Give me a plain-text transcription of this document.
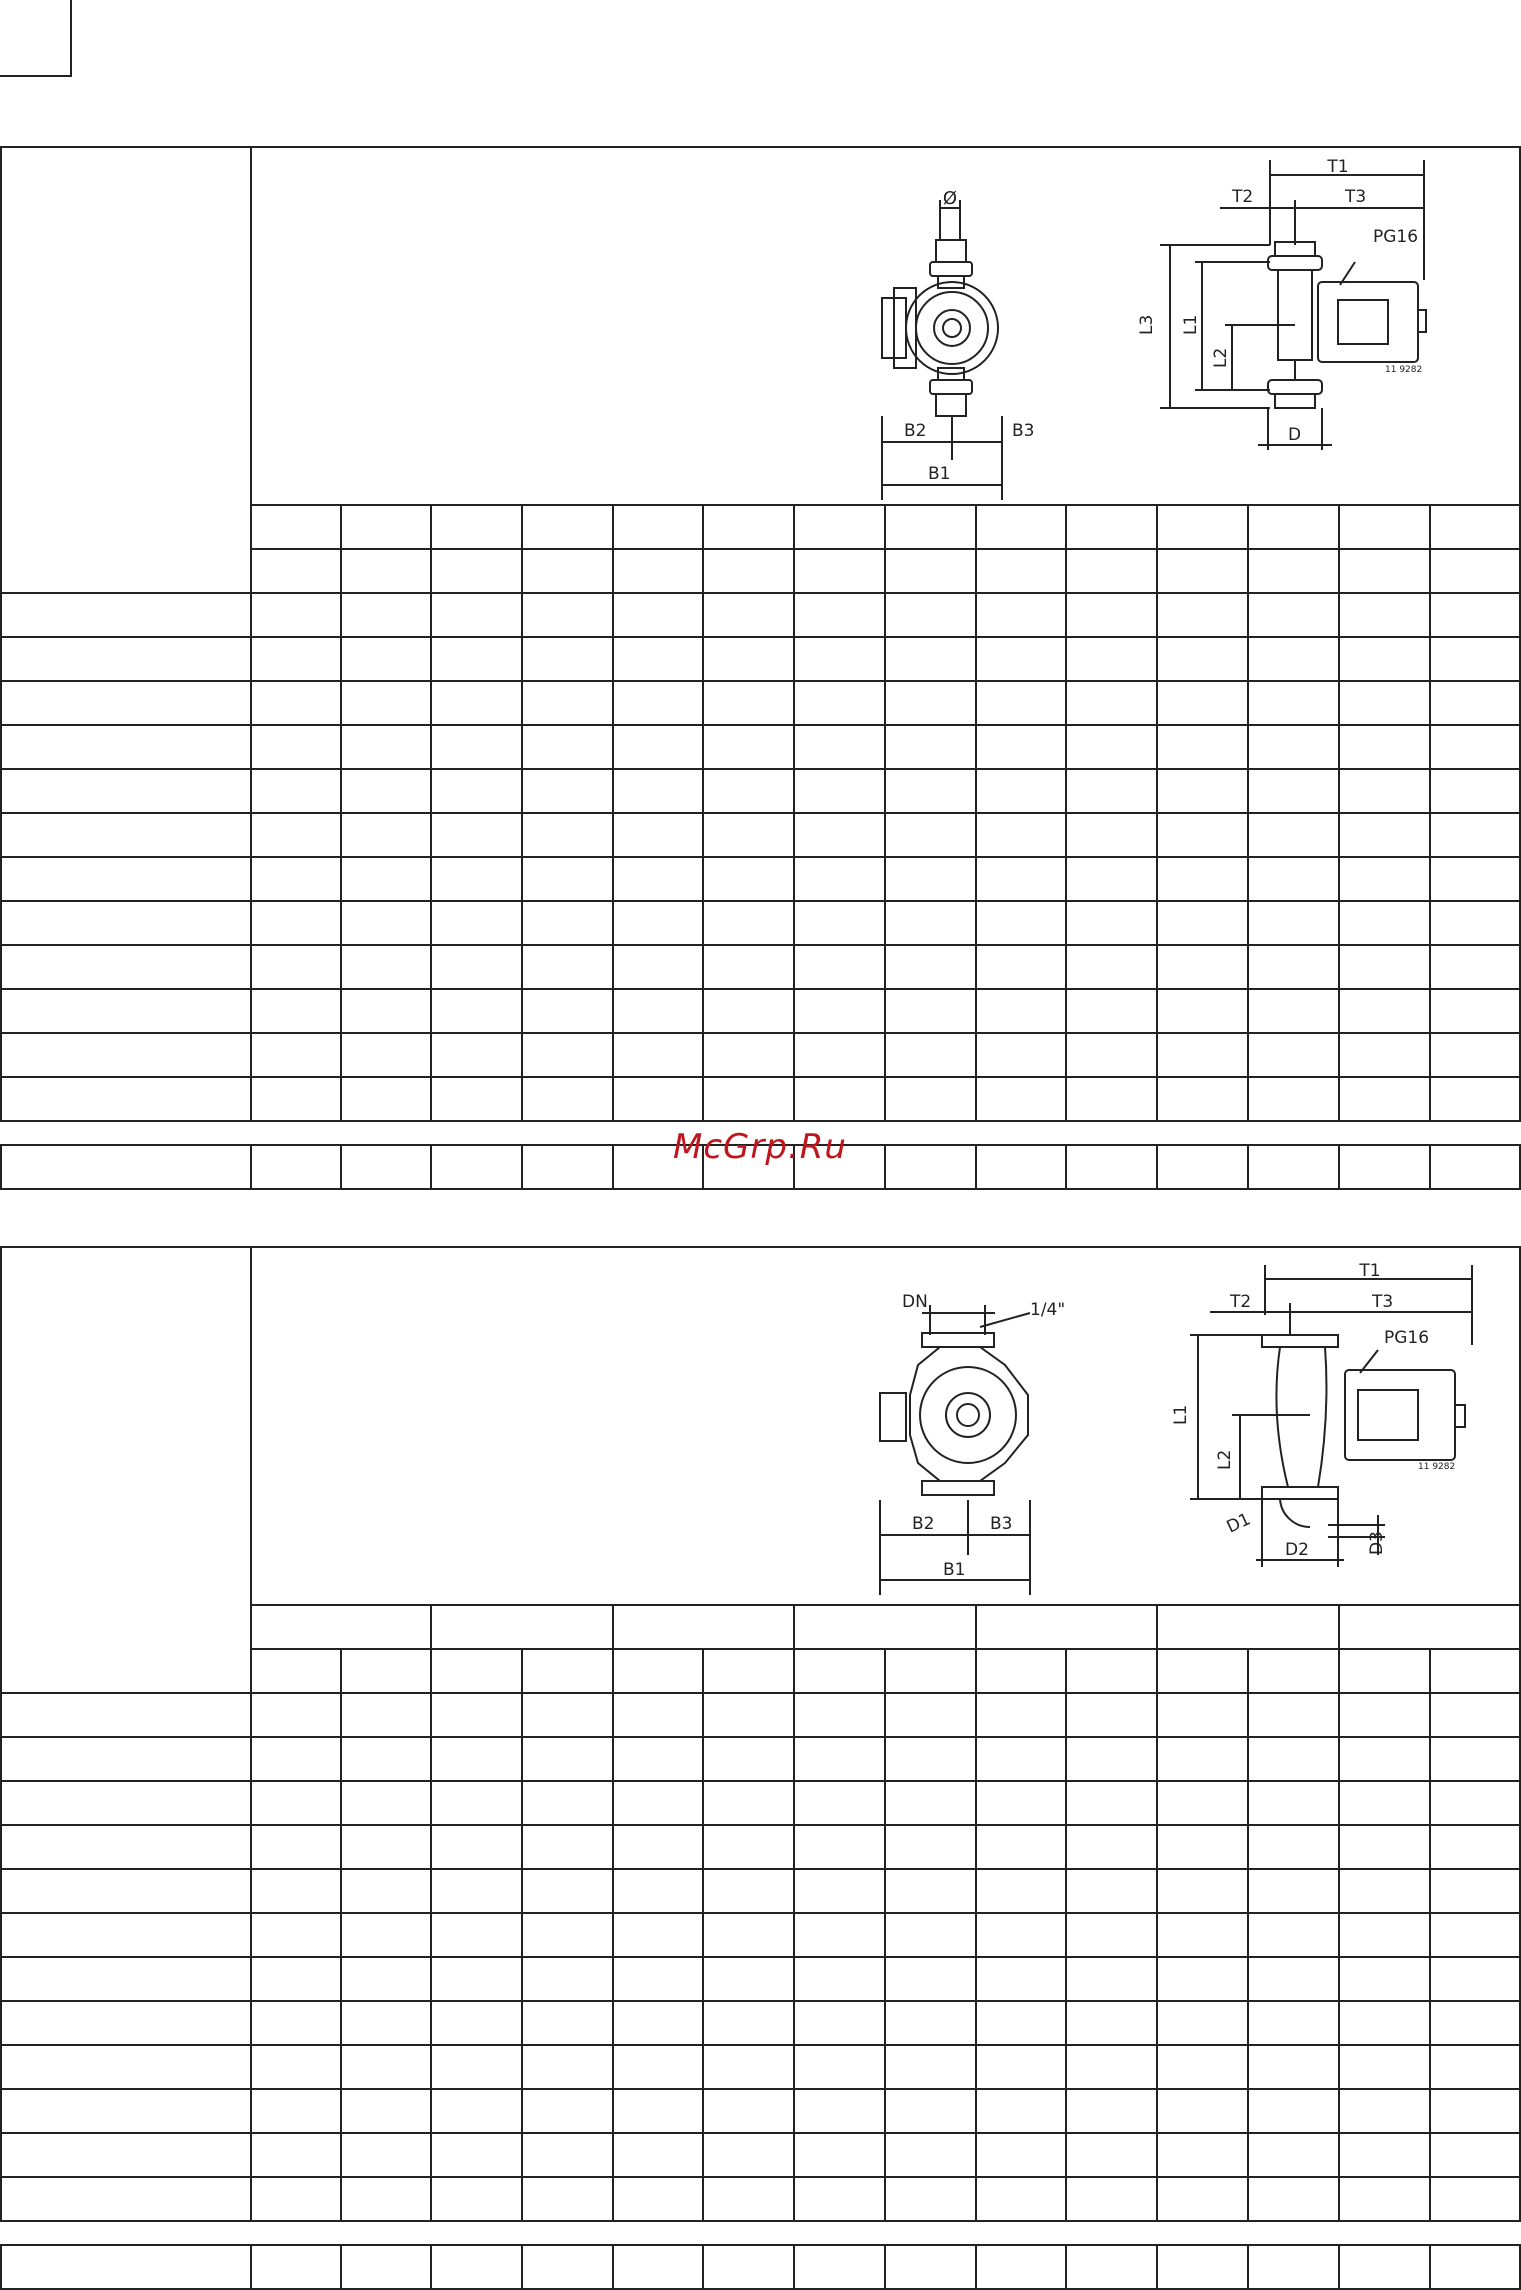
Ø
B2	B3
B1
T1
T2	T3
PG16
11 9282
L3 L1
L2
D
McGrp.Ru

DN	1/4"
B2	B3
B1
T1
T2	T3
PG16
11 9282
L1
L2
D1
D2	D3
